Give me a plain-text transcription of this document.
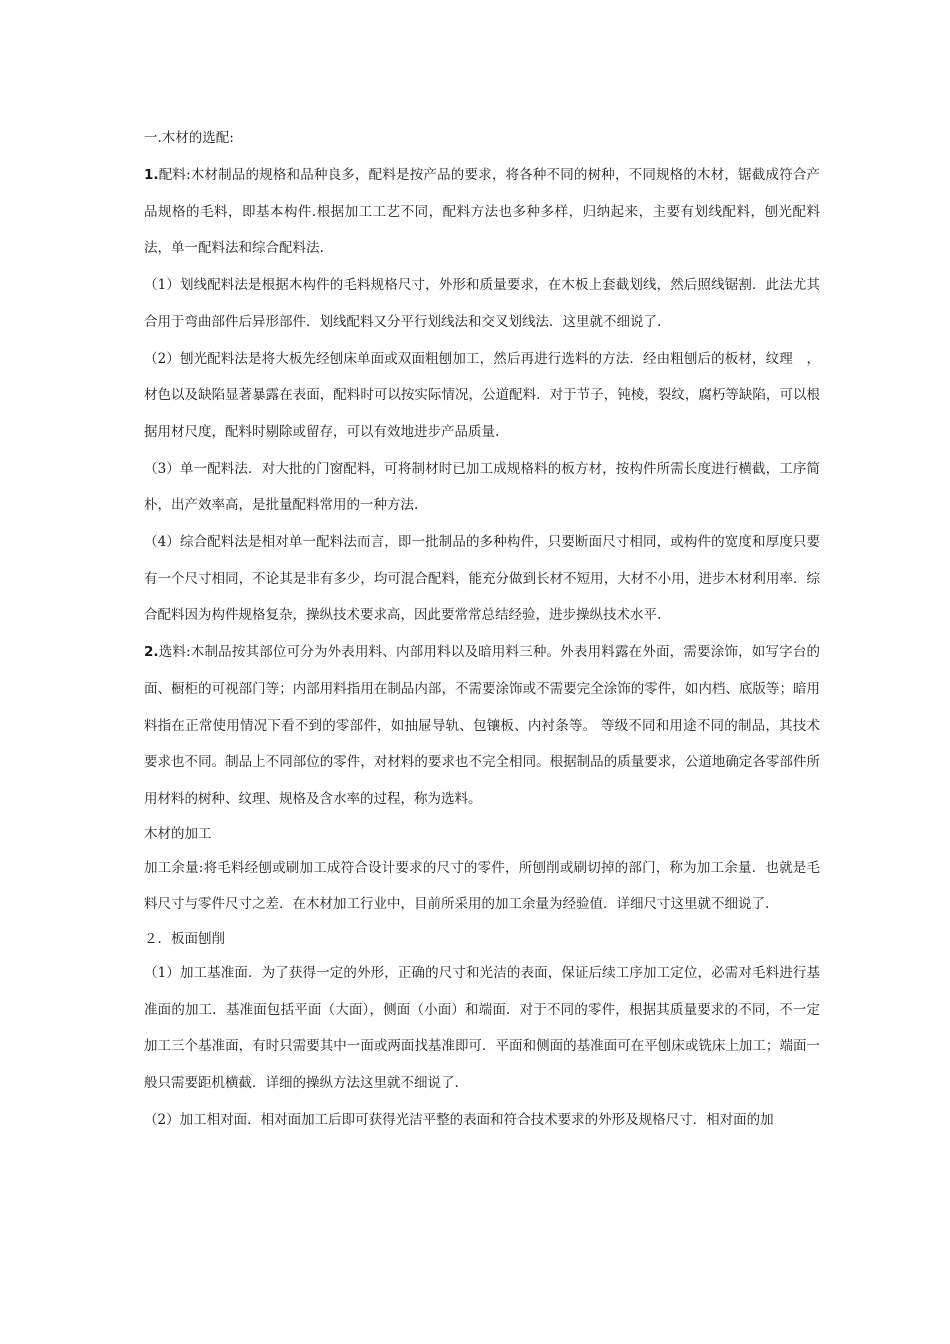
一.木材的选配:

1.配料:木材制品的规格和品种良多，配料是按产品的要求，将各种不同的树种，不同规格的木材，锯截成符合产品规格的毛料，即基本构件.根据加工工艺不同，配料方法也多种多样，归纳起来，主要有划线配料，刨光配料法，单一配料法和综合配料法.

（1）划线配料法是根据木构件的毛料规格尺寸，外形和质量要求，在木板上套截划线，然后照线锯割．此法尤其合用于弯曲部件后异形部件．划线配料又分平行划线法和交叉划线法．这里就不细说了.

（2）刨光配料法是将大板先经刨床单面或双面粗刨加工，然后再进行选料的方法．经由粗刨后的板材，纹理　，材色以及缺陷显著暴露在表面，配料时可以按实际情况，公道配料．对于节子，钝棱，裂纹，腐朽等缺陷，可以根据用材尺度，配料时剔除或留存，可以有效地进步产品质量.

（3）单一配料法．对大批的门窗配料，可将制材时已加工成规格料的板方材，按构件所需长度进行横截，工序简朴，出产效率高，是批量配料常用的一种方法.

（4）综合配料法是相对单一配料法而言，即一批制品的多种构件，只要断面尺寸相同，或构件的宽度和厚度只要有一个尺寸相同，不论其是非有多少，均可混合配料，能充分做到长材不短用，大材不小用，进步木材利用率．综合配料因为构件规格复杂，操纵技术要求高，因此要常常总结经验，进步操纵技术水平.

2.选料:木制品按其部位可分为外表用料、内部用料以及暗用料三种。外表用料露在外面，需要涂饰，如写字台的面、橱柜的可视部门等；内部用料指用在制品内部，不需要涂饰或不需要完全涂饰的零件，如内档、底版等；暗用料指在正常使用情况下看不到的零部件，如抽屉导轨、包镶板、内衬条等。 等级不同和用途不同的制品，其技术要求也不同。制品上不同部位的零件，对材料的要求也不完全相同。根据制品的质量要求，公道地确定各零部件所用材料的树种、纹理、规格及含水率的过程，称为选料。

木材的加工

加工余量:将毛料经刨或刷加工成符合设计要求的尺寸的零件，所刨削或刷切掉的部门，称为加工余量．也就是毛料尺寸与零件尺寸之差．在木材加工行业中，目前所采用的加工余量为经验值．详细尺寸这里就不细说了.

２．板面刨削

（1）加工基准面．为了获得一定的外形，正确的尺寸和光洁的表面，保证后续工序加工定位，必需对毛料进行基准面的加工．基准面包括平面（大面），侧面（小面）和端面．对于不同的零件，根据其质量要求的不同，不一定加工三个基准面，有时只需要其中一面或两面找基准即可．平面和侧面的基准面可在平刨床或铣床上加工；端面一般只需要距机横截．详细的操纵方法这里就不细说了.

（2）加工相对面．相对面加工后即可获得光洁平整的表面和符合技术要求的外形及规格尺寸．相对面的加
